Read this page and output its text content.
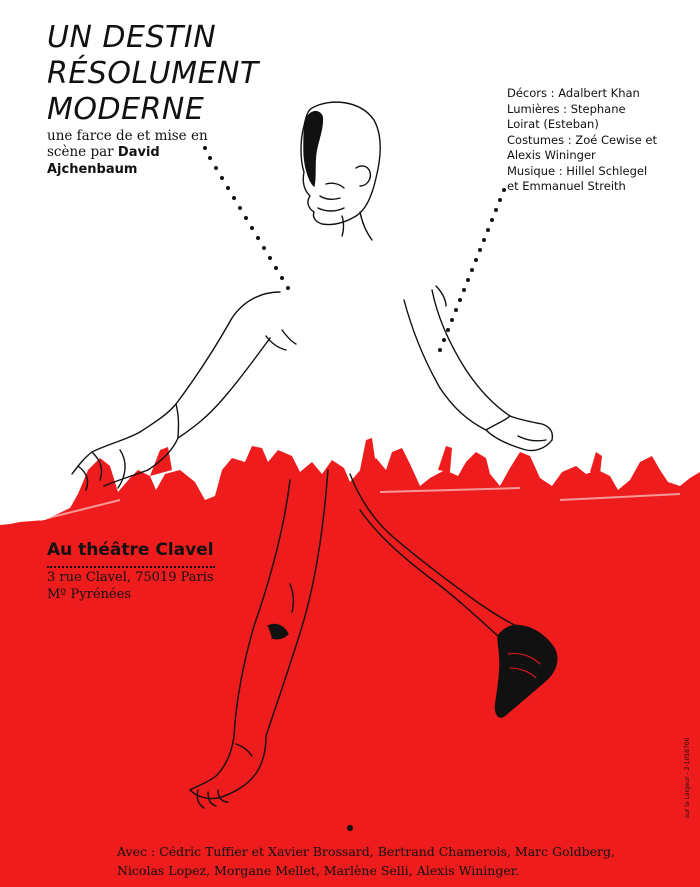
UN DESTIN
RÉSOLUMENT
MODERNE
une farce de et mise en scène par David Ajchenbaum
Décors : Adalbert Khan
Lumières : Stephane
Loirat (Esteban)
Costumes : Zoé Cewise et
Alexis Wininger
Musique : Hillel Schlegel
et Emmanuel Streith
Au théâtre Clavel
3 rue Clavel, 75019 Paris
Mº Pyrénées
Avec : Cédric Tuffier et Xavier Brossard, Bertrand Chamerois, Marc Goldberg,
Nicolas Lopez, Morgane Mellet, Marlène Selli, Alexis Wininger.
sur la Largeur - 2-1058706
